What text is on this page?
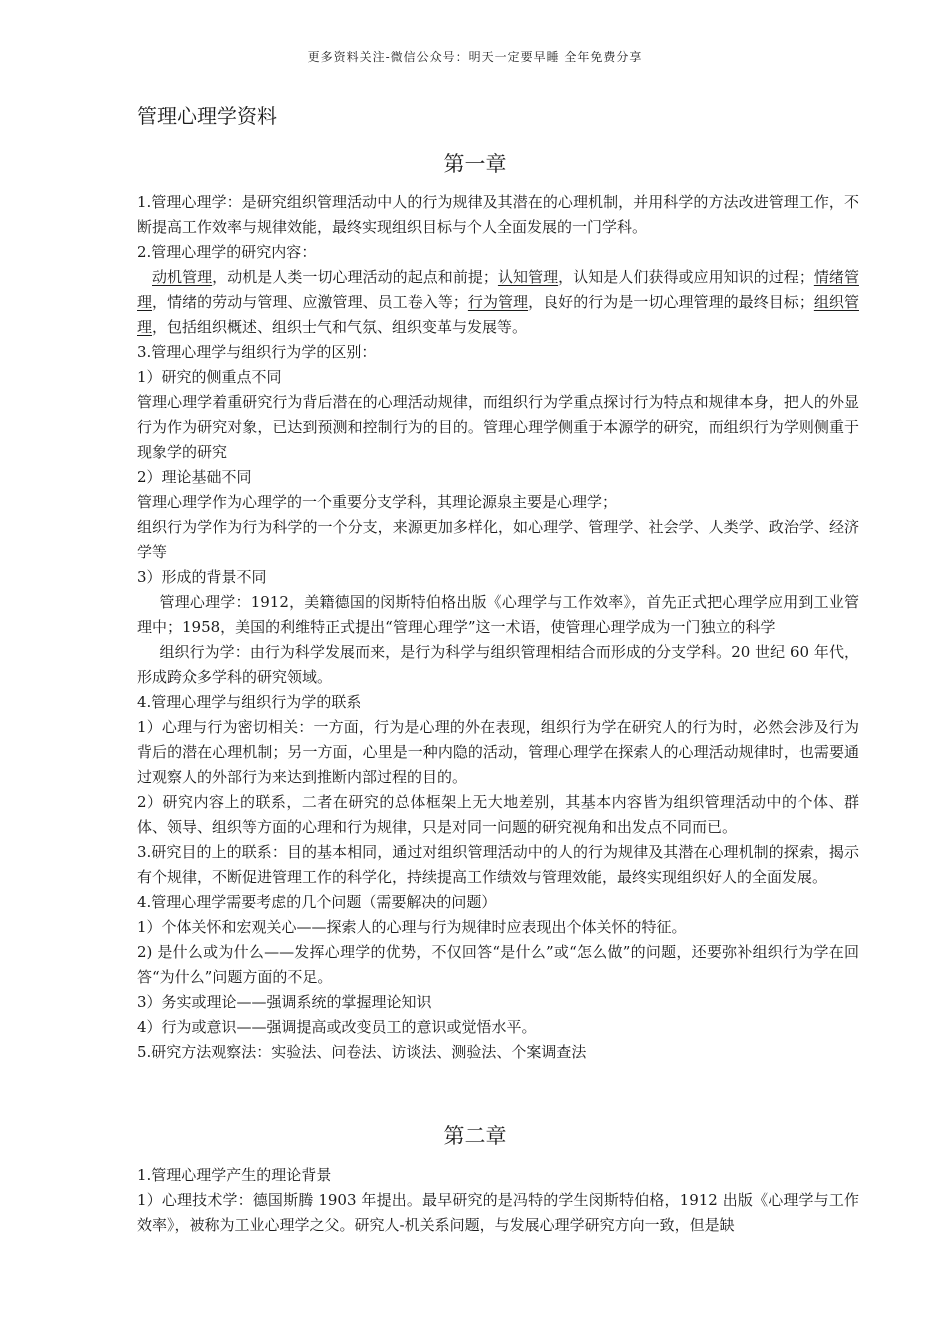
更多资料关注-微信公众号：明天一定要早睡 全年免费分享
管理心理学资料
第一章

1.管理心理学：是研究组织管理活动中人的行为规律及其潜在的心理机制，并用科学的方法改进管理工作，不断提高工作效率与规律效能，最终实现组织目标与个人全面发展的一门学科。

2.管理心理学的研究内容：

动机管理，动机是人类一切心理活动的起点和前提；认知管理，认知是人们获得或应用知识的过程；情绪管理，情绪的劳动与管理、应激管理、员工卷入等；行为管理，良好的行为是一切心理管理的最终目标；组织管理，包括组织概述、组织士气和气氛、组织变革与发展等。

3.管理心理学与组织行为学的区别：

1）研究的侧重点不同

管理心理学着重研究行为背后潜在的心理活动规律，而组织行为学重点探讨行为特点和规律本身，把人的外显行为作为研究对象，已达到预测和控制行为的目的。管理心理学侧重于本源学的研究，而组织行为学则侧重于现象学的研究

2）理论基础不同

管理心理学作为心理学的一个重要分支学科，其理论源泉主要是心理学；

组织行为学作为行为科学的一个分支，来源更加多样化，如心理学、管理学、社会学、人类学、政治学、经济学等

3）形成的背景不同

管理心理学：1912，美籍德国的闵斯特伯格出版《心理学与工作效率》，首先正式把心理学应用到工业管理中；1958，美国的利维特正式提出“管理心理学”这一术语，使管理心理学成为一门独立的科学

组织行为学：由行为科学发展而来，是行为科学与组织管理相结合而形成的分支学科。20 世纪 60 年代，形成跨众多学科的研究领域。

4.管理心理学与组织行为学的联系

1）心理与行为密切相关：一方面，行为是心理的外在表现，组织行为学在研究人的行为时，必然会涉及行为背后的潜在心理机制；另一方面，心里是一种内隐的活动，管理心理学在探索人的心理活动规律时，也需要通过观察人的外部行为来达到推断内部过程的目的。

2）研究内容上的联系，二者在研究的总体框架上无大地差别，其基本内容皆为组织管理活动中的个体、群体、领导、组织等方面的心理和行为规律，只是对同一问题的研究视角和出发点不同而已。

3.研究目的上的联系：目的基本相同，通过对组织管理活动中的人的行为规律及其潜在心理机制的探索，揭示有个规律，不断促进管理工作的科学化，持续提高工作绩效与管理效能，最终实现组织好人的全面发展。

4.管理心理学需要考虑的几个问题（需要解决的问题）

1）个体关怀和宏观关心——探索人的心理与行为规律时应表现出个体关怀的特征。

2) 是什么或为什么——发挥心理学的优势，不仅回答“是什么”或“怎么做”的问题，还要弥补组织行为学在回答“为什么”问题方面的不足。

3）务实或理论——强调系统的掌握理论知识

4）行为或意识——强调提高或改变员工的意识或觉悟水平。

5.研究方法观察法：实验法、问卷法、访谈法、测验法、个案调查法

第二章

1.管理心理学产生的理论背景

1）心理技术学：德国斯腾 1903 年提出。最早研究的是冯特的学生闵斯特伯格，1912 出版《心理学与工作效率》，被称为工业心理学之父。研究人-机关系问题，与发展心理学研究方向一致，但是缺
